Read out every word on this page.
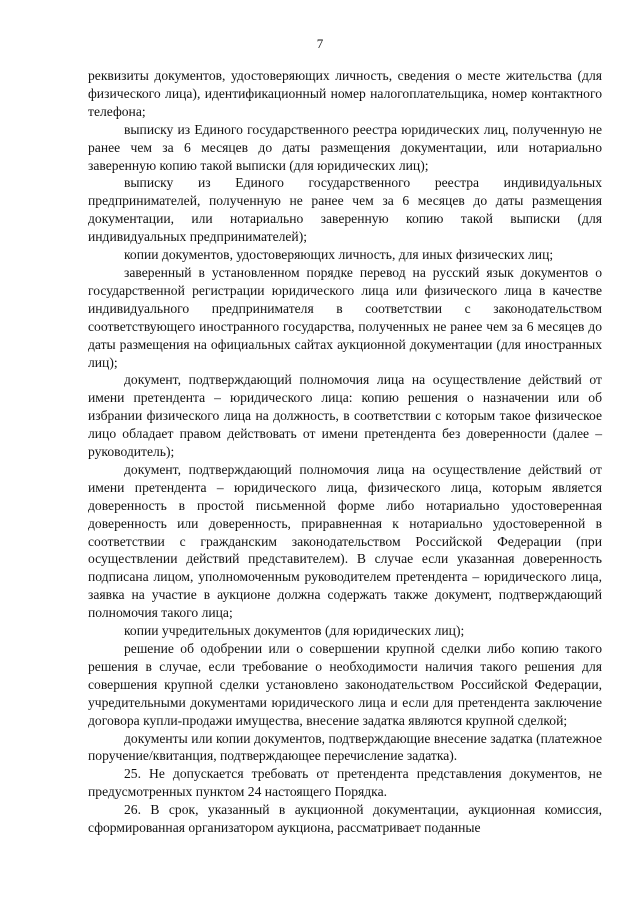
7

реквизиты документов, удостоверяющих личность, сведения о месте жительства (для физического лица), идентификационный номер налогоплательщика, номер контактного телефона;

выписку из Единого государственного реестра юридических лиц, полученную не ранее чем за 6 месяцев до даты размещения документации, или нотариально заверенную копию такой выписки (для юридических лиц);

выписку из Единого государственного реестра индивидуальных предпринимателей, полученную не ранее чем за 6 месяцев до даты размещения документации, или нотариально заверенную копию такой выписки (для индивидуальных предпринимателей);

копии документов, удостоверяющих личность, для иных физических лиц;

заверенный в установленном порядке перевод на русский язык документов о государственной регистрации юридического лица или физического лица в качестве индивидуального предпринимателя в соответствии с законодательством соответствующего иностранного государства, полученных не ранее чем за 6 месяцев до даты размещения на официальных сайтах аукционной документации (для иностранных лиц);

документ, подтверждающий полномочия лица на осуществление действий от имени претендента – юридического лица: копию решения о назначении или об избрании физического лица на должность, в соответствии с которым такое физическое лицо обладает правом действовать от имени претендента без доверенности (далее – руководитель);

документ, подтверждающий полномочия лица на осуществление действий от имени претендента – юридического лица, физического лица, которым является доверенность в простой письменной форме либо нотариально удостоверенная доверенность или доверенность, приравненная к нотариально удостоверенной в соответствии с гражданским законодательством Российской Федерации (при осуществлении действий представителем). В случае если указанная доверенность подписана лицом, уполномоченным руководителем претендента – юридического лица, заявка на участие в аукционе должна содержать также документ, подтверждающий полномочия такого лица;

копии учредительных документов (для юридических лиц);

решение об одобрении или о совершении крупной сделки либо копию такого решения в случае, если требование о необходимости наличия такого решения для совершения крупной сделки установлено законодательством Российской Федерации, учредительными документами юридического лица и если для претендента заключение договора купли-продажи имущества, внесение задатка являются крупной сделкой;

документы или копии документов, подтверждающие внесение задатка (платежное поручение/квитанция, подтверждающее перечисление задатка).

25. Не допускается требовать от претендента представления документов, не предусмотренных пунктом 24 настоящего Порядка.

26. В срок, указанный в аукционной документации, аукционная комиссия, сформированная организатором аукциона, рассматривает поданные
